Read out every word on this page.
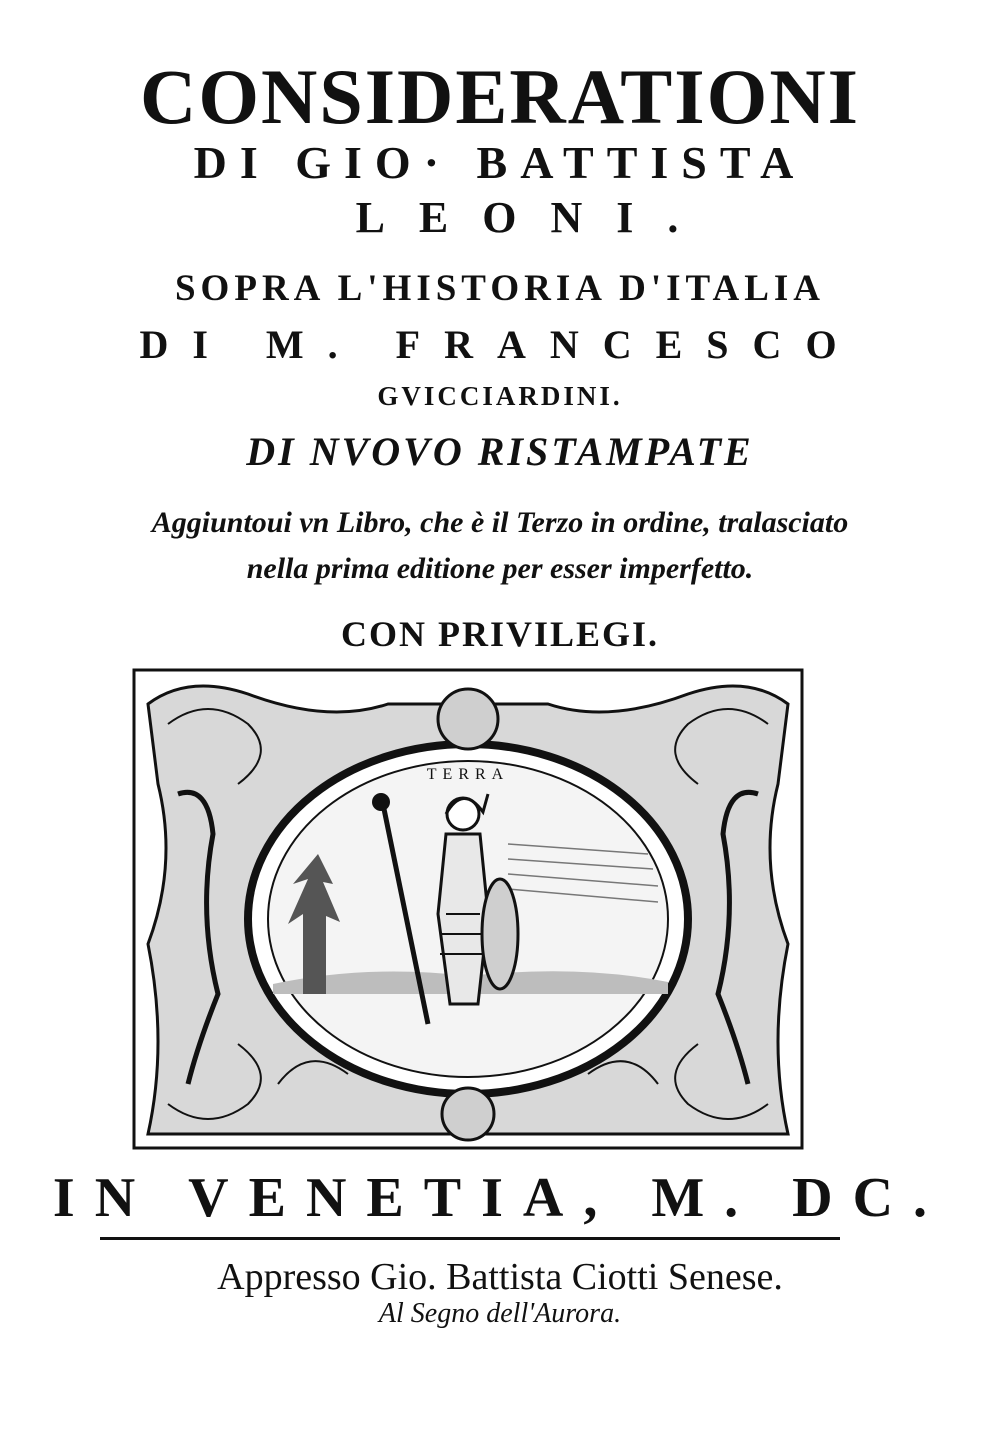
CONSIDERATIONI
DI GIO· BATTISTA
LEONI.
SOPRA L'HISTORIA D'ITALIA
DI M. FRANCESCO
GVICCIARDINI.
DI NVOVO RISTAMPATE
Aggiuntoui vn Libro, che è il Terzo in ordine, tralasciato
nella prima editione per esser imperfetto.
CON PRIVILEGI.
TERRA
IN VENETIA, M. DC.
Appresso Gio. Battista Ciotti Senese.
Al Segno dell'Aurora.
